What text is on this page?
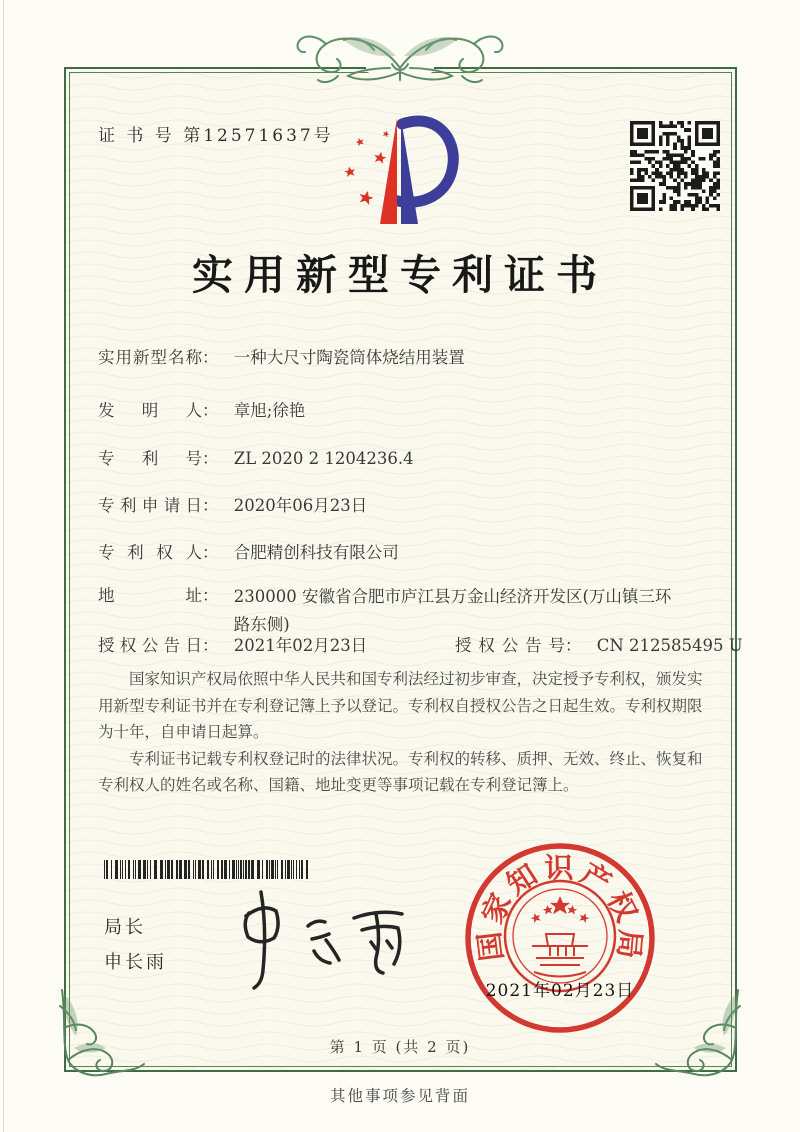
证 书 号 第12571637号
实用新型专利证书
实用新型名称： 一种大尺寸陶瓷筒体烧结用装置
发明人： 章旭;徐艳
专利号： ZL 2020 2 1204236.4
专利申请日： 2020年06月23日
专利权人： 合肥精创科技有限公司
地址： 230000 安徽省合肥市庐江县万金山经济开发区(万山镇三环路东侧)
授权公告日： 2021年02月23日	授权公告号： CN 212585495 U

国家知识产权局依照中华人民共和国专利法经过初步审查，决定授予专利权，颁发实用新型专利证书并在专利登记簿上予以登记。专利权自授权公告之日起生效。专利权期限为十年，自申请日起算。

专利证书记载专利权登记时的法律状况。专利权的转移、质押、无效、终止、恢复和专利权人的姓名或名称、国籍、地址变更等事项记载在专利登记簿上。

局长
申长雨	国
家
知 识 产
权
局
2021年02月23日
第 1 页 (共 2 页)
其他事项参见背面
